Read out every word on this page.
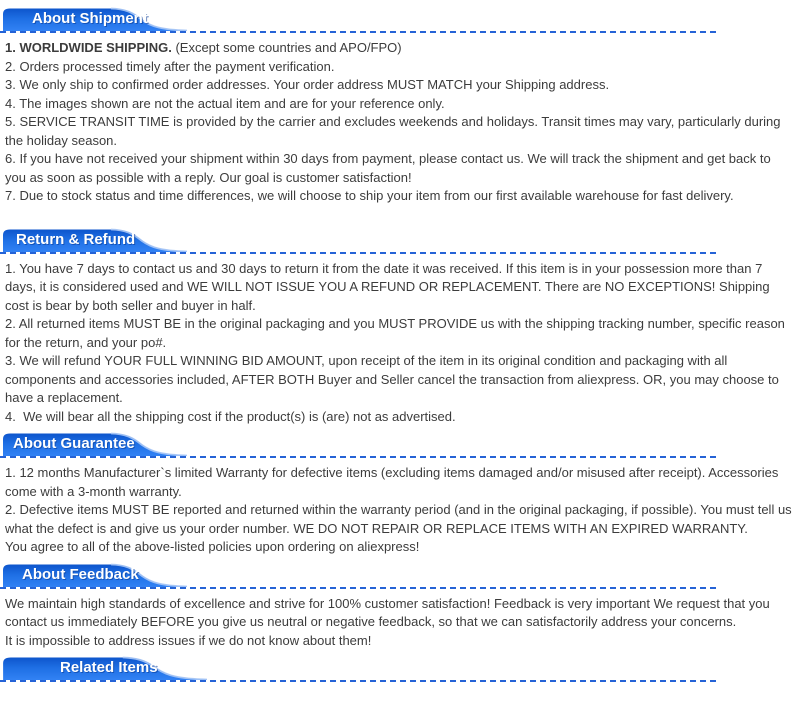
About Shipment

1. WORLDWIDE SHIPPING. (Except some countries and APO/FPO)

2. Orders processed timely after the payment verification.

3. We only ship to confirmed order addresses. Your order address MUST MATCH your Shipping address.

4. The images shown are not the actual item and are for your reference only.

5. SERVICE TRANSIT TIME is provided by the carrier and excludes weekends and holidays. Transit times may vary, particularly during the holiday season.

6. If you have not received your shipment within 30 days from payment, please contact us. We will track the shipment and get back to you as soon as possible with a reply. Our goal is customer satisfaction!

7. Due to stock status and time differences, we will choose to ship your item from our first available warehouse for fast delivery.

Return & Refund

1. You have 7 days to contact us and 30 days to return it from the date it was received. If this item is in your possession more than 7 days, it is considered used and WE WILL NOT ISSUE YOU A REFUND OR REPLACEMENT. There are NO EXCEPTIONS! Shipping cost is bear by both seller and buyer in half.

2. All returned items MUST BE in the original packaging and you MUST PROVIDE us with the shipping tracking number, specific reason for the return, and your po#.

3. We will refund YOUR FULL WINNING BID AMOUNT, upon receipt of the item in its original condition and packaging with all components and accessories included, AFTER BOTH Buyer and Seller cancel the transaction from aliexpress. OR, you may choose to have a replacement.

4.  We will bear all the shipping cost if the product(s) is (are) not as advertised.

About Guarantee

1. 12 months Manufacturer`s limited Warranty for defective items (excluding items damaged and/or misused after receipt). Accessories come with a 3-month warranty.

2. Defective items MUST BE reported and returned within the warranty period (and in the original packaging, if possible). You must tell us what the defect is and give us your order number. WE DO NOT REPAIR OR REPLACE ITEMS WITH AN EXPIRED WARRANTY.

You agree to all of the above-listed policies upon ordering on aliexpress!

About Feedback

We maintain high standards of excellence and strive for 100% customer satisfaction! Feedback is very important We request that you contact us immediately BEFORE you give us neutral or negative feedback, so that we can satisfactorily address your concerns.

It is impossible to address issues if we do not know about them!

Related Items
